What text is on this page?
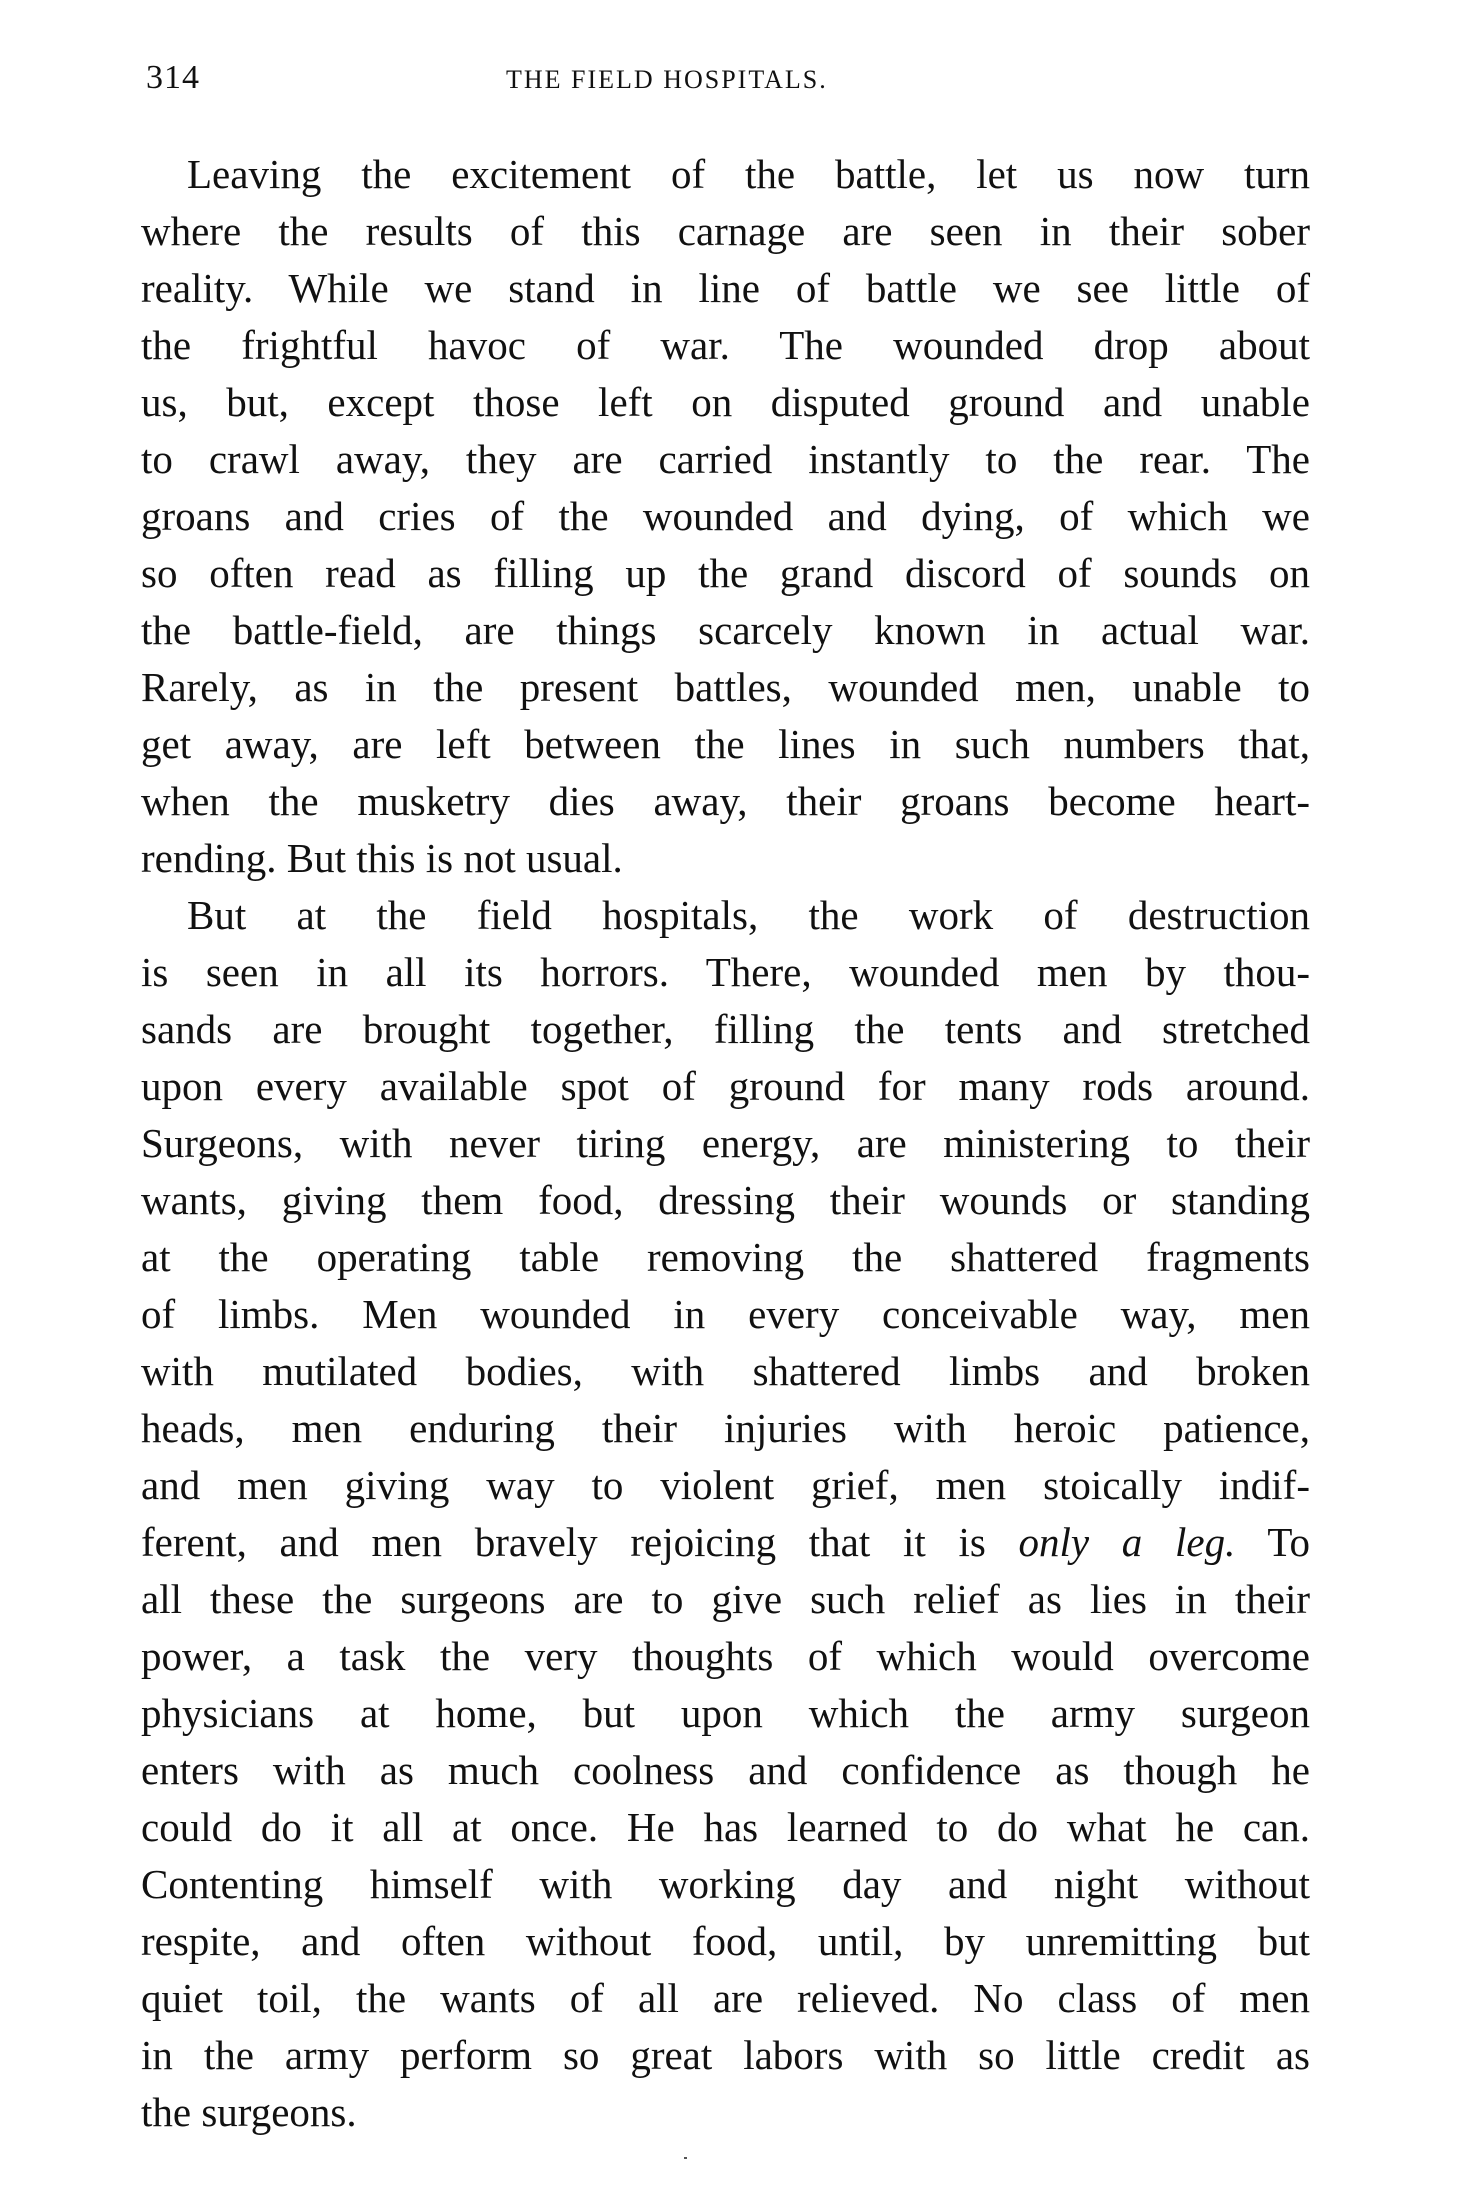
314	THE FIELD HOSPITALS.
Leaving the excitement of the battle, let us now turn
where the results of this carnage are seen in their sober
reality. While we stand in line of battle we see little of
the frightful havoc of war. The wounded drop about
us, but, except those left on disputed ground and unable
to crawl away, they are carried instantly to the rear. The
groans and cries of the wounded and dying, of which we
so often read as filling up the grand discord of sounds on
the battle-field, are things scarcely known in actual war.
Rarely, as in the present battles, wounded men, unable to
get away, are left between the lines in such numbers that,
when the musketry dies away, their groans become heart-
rending. But this is not usual.
But at the field hospitals, the work of destruction
is seen in all its horrors. There, wounded men by thou-
sands are brought together, filling the tents and stretched
upon every available spot of ground for many rods around.
Surgeons, with never tiring energy, are ministering to their
wants, giving them food, dressing their wounds or standing
at the operating table removing the shattered fragments
of limbs. Men wounded in every conceivable way, men
with mutilated bodies, with shattered limbs and broken
heads, men enduring their injuries with heroic patience,
and men giving way to violent grief, men stoically indif-
ferent, and men bravely rejoicing that it is only a leg. To
all these the surgeons are to give such relief as lies in their
power, a task the very thoughts of which would overcome
physicians at home, but upon which the army surgeon
enters with as much coolness and confidence as though he
could do it all at once. He has learned to do what he can.
Contenting himself with working day and night without
respite, and often without food, until, by unremitting but
quiet toil, the wants of all are relieved. No class of men
in the army perform so great labors with so little credit as
the surgeons.
